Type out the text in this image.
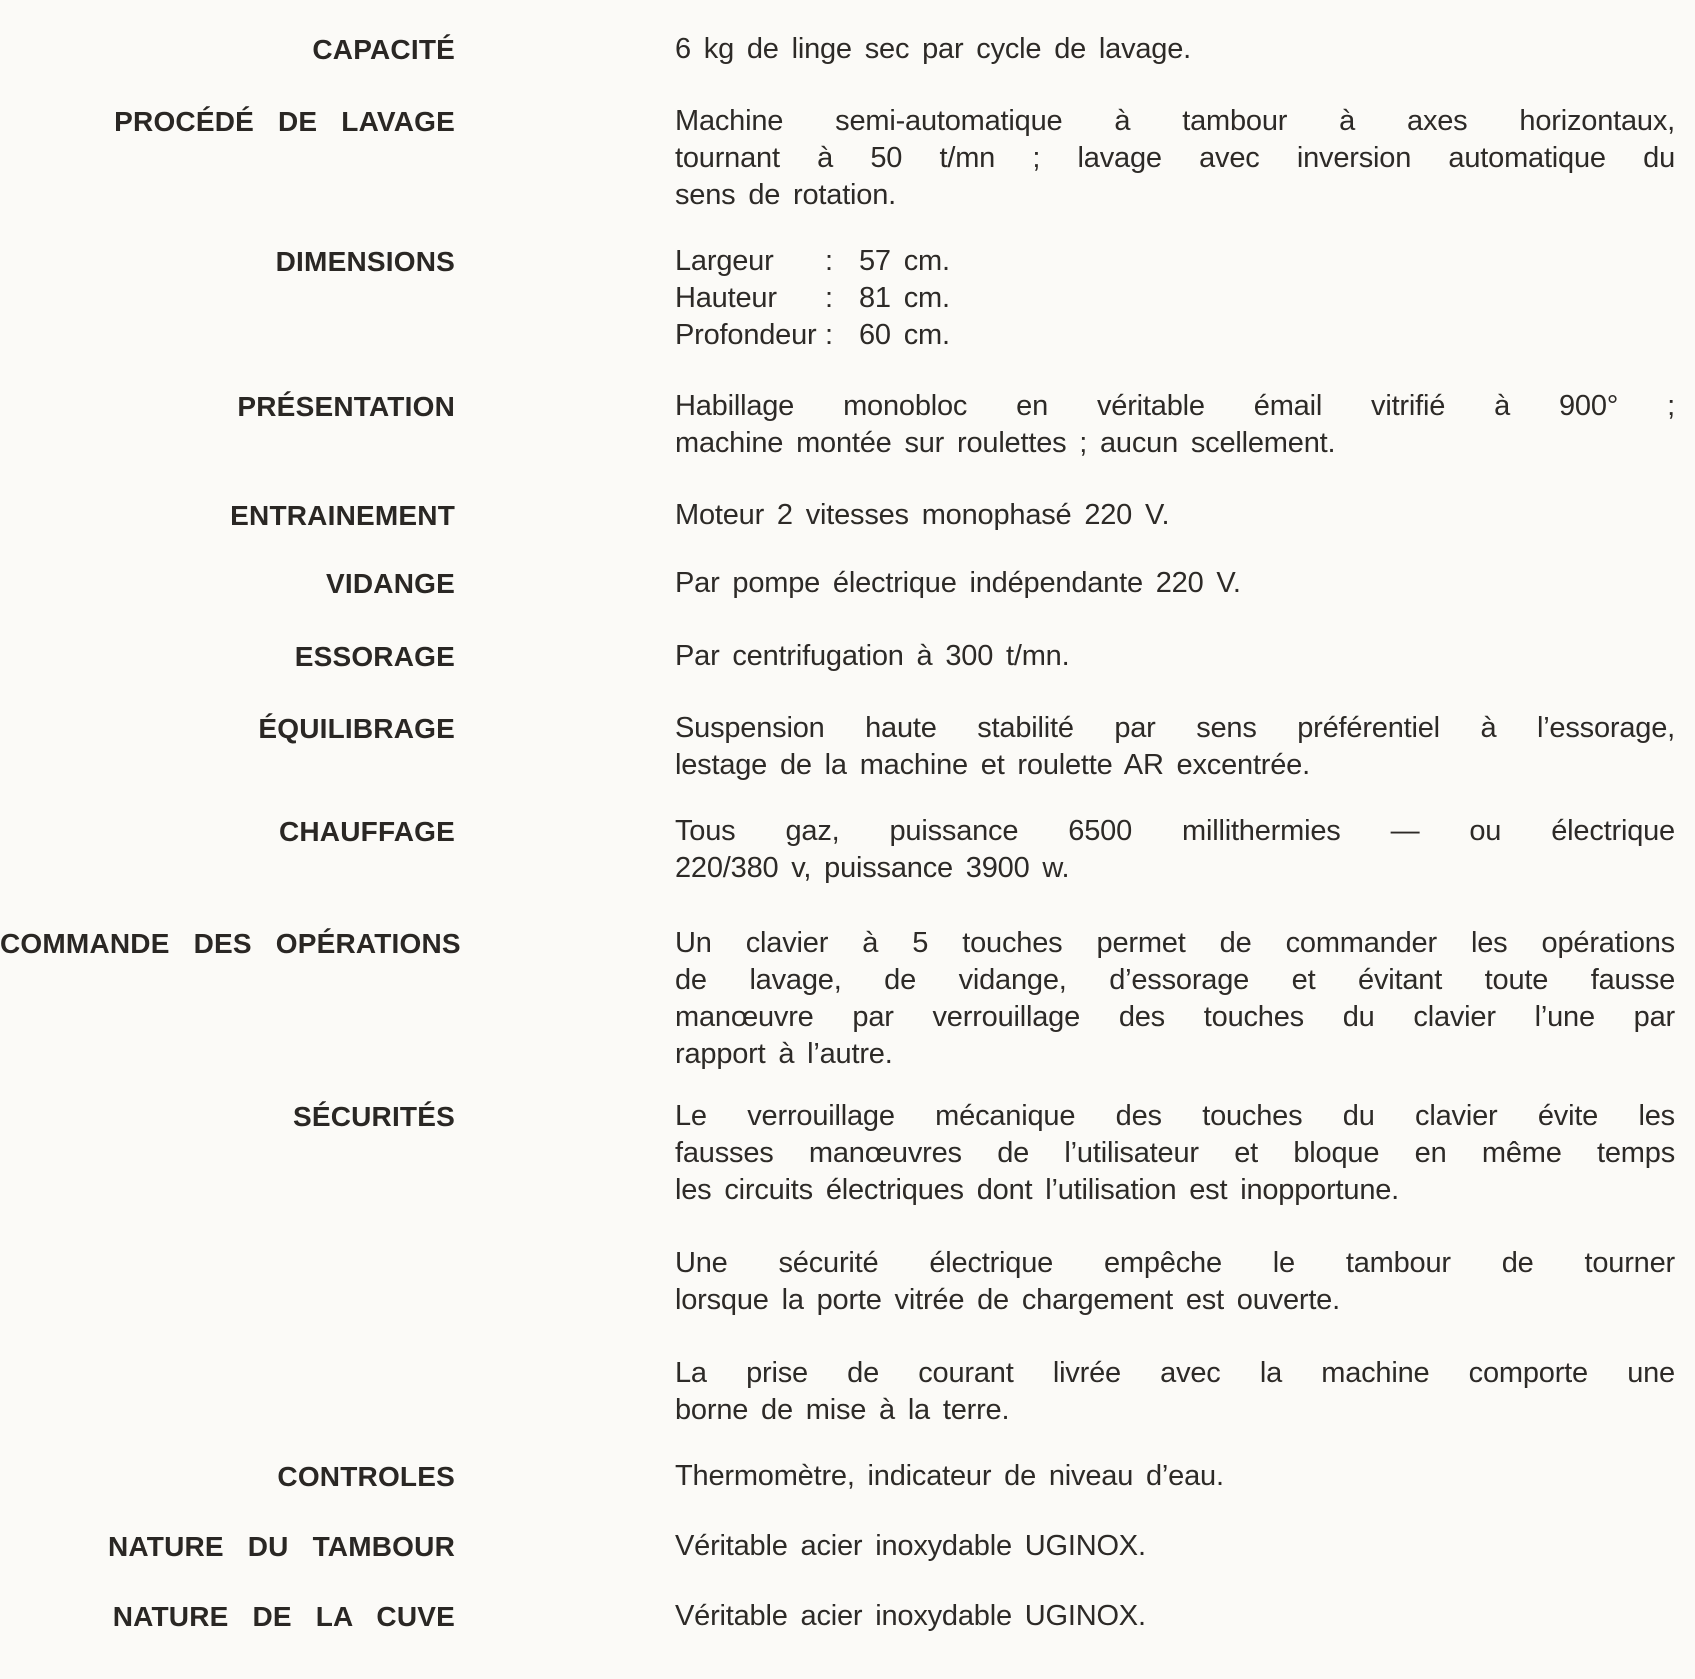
CAPACITÉ	6 kg de linge sec par cycle de lavage.
PROCÉDÉ DE LAVAGE	Machine semi-automatique à tambour à axes horizontaux,
tournant à 50 t/mn ; lavage avec inversion automatique du
sens de rotation.
DIMENSIONS	Largeur : 57 cm.
Hauteur : 81 cm.
Profondeur : 60 cm.
PRÉSENTATION	Habillage monobloc en véritable émail vitrifié à 900° ;
machine montée sur roulettes ; aucun scellement.
ENTRAINEMENT	Moteur 2 vitesses monophasé 220 V.
VIDANGE	Par pompe électrique indépendante 220 V.
ESSORAGE	Par centrifugation à 300 t/mn.
ÉQUILIBRAGE	Suspension haute stabilité par sens préférentiel à l’essorage,
lestage de la machine et roulette AR excentrée.
CHAUFFAGE	Tous gaz, puissance 6500 millithermies — ou électrique
220/380 v, puissance 3900 w.
COMMANDE DES OPÉRATIONS	Un clavier à 5 touches permet de commander les opérations
de lavage, de vidange, d’essorage et évitant toute fausse
manœuvre par verrouillage des touches du clavier l’une par
rapport à l’autre.
SÉCURITÉS	Le verrouillage mécanique des touches du clavier évite les
fausses manœuvres de l’utilisateur et bloque en même temps
les circuits électriques dont l’utilisation est inopportune.
Une sécurité électrique empêche le tambour de tourner
lorsque la porte vitrée de chargement est ouverte.
La prise de courant livrée avec la machine comporte une
borne de mise à la terre.
CONTROLES	Thermomètre, indicateur de niveau d’eau.
NATURE DU TAMBOUR	Véritable acier inoxydable UGINOX.
NATURE DE LA CUVE	Véritable acier inoxydable UGINOX.
